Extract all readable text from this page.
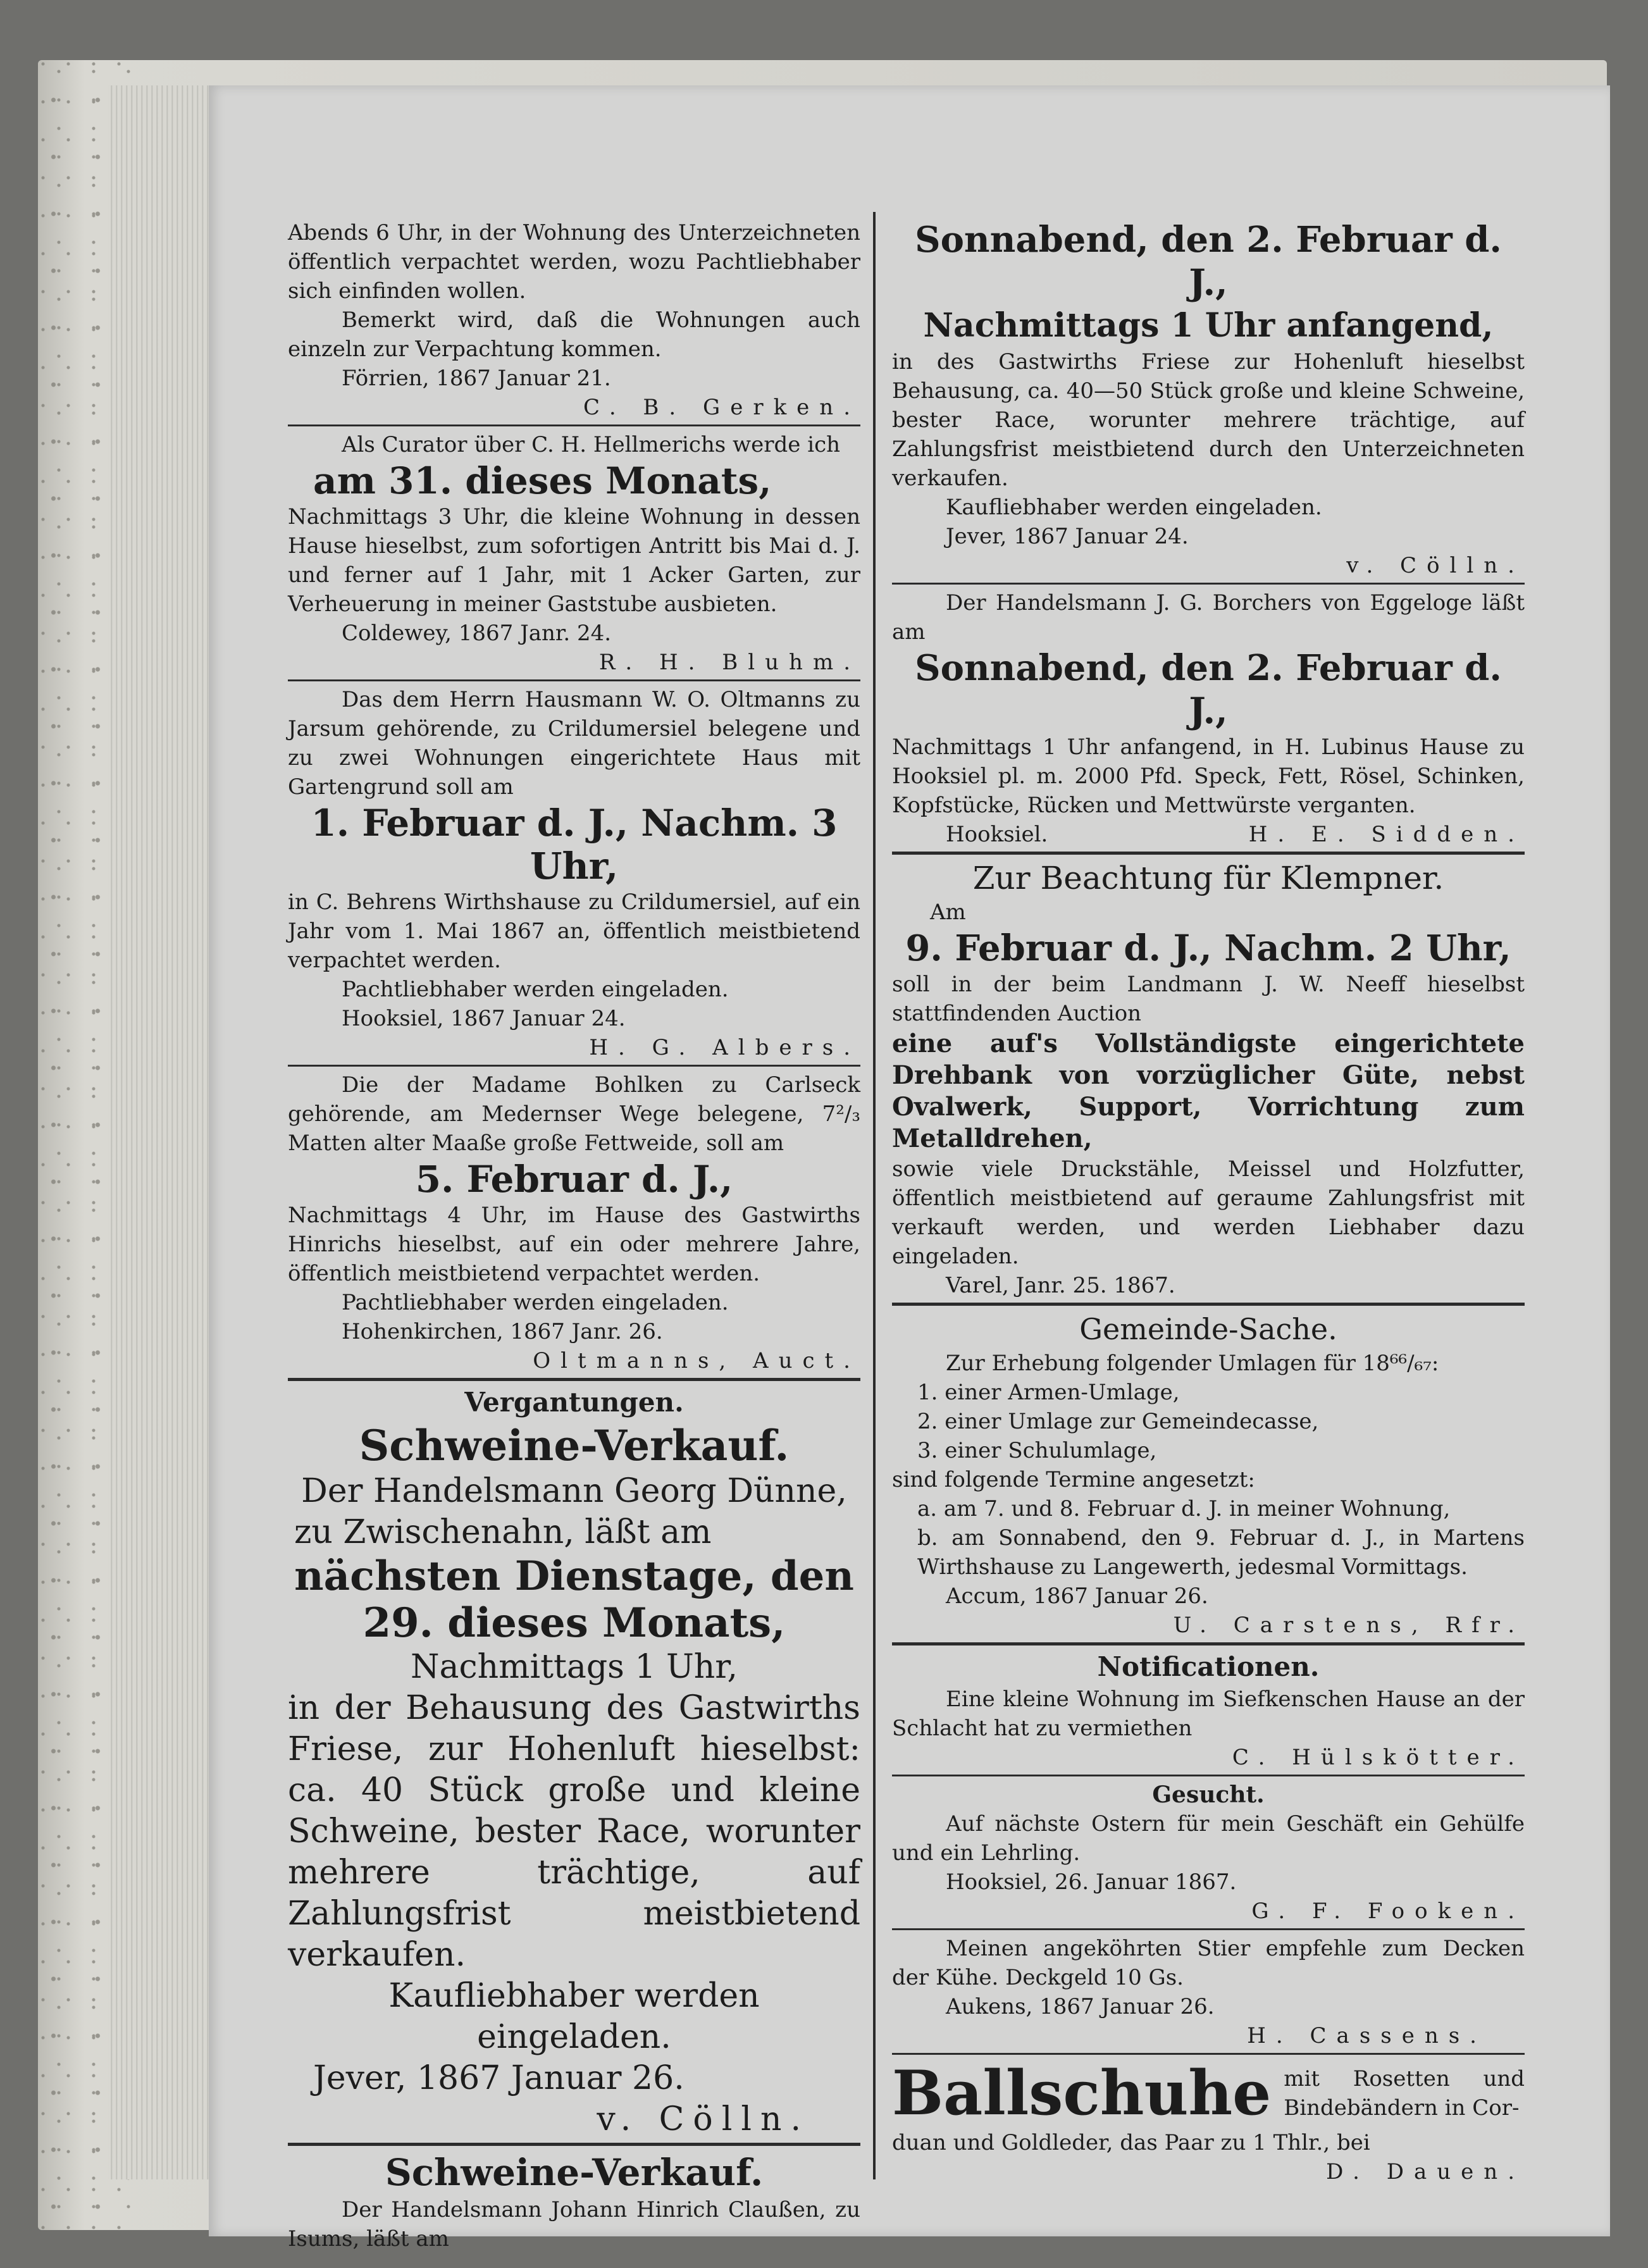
Abends 6 Uhr, in der Wohnung des Unterzeichneten öffentlich verpachtet werden, wozu Pachtliebhaber sich einfinden wollen.
Bemerkt wird, daß die Wohnungen auch einzeln zur Verpachtung kommen.
Förrien, 1867 Januar 21.
C. B. Gerken.
Als Curator über C. H. Hellmerichs werde ich
am 31. dieses Monats,
Nachmittags 3 Uhr, die kleine Wohnung in dessen Hause hieselbst, zum sofortigen Antritt bis Mai d. J. und ferner auf 1 Jahr, mit 1 Acker Garten, zur Verheuerung in meiner Gaststube ausbieten.
Coldewey, 1867 Janr. 24.
R. H. Bluhm.
Das dem Herrn Hausmann W. O. Oltmanns zu Jarsum gehörende, zu Crildumersiel belegene und zu zwei Wohnungen eingerichtete Haus mit Gartengrund soll am
1. Februar d. J., Nachm. 3 Uhr,
in C. Behrens Wirthshause zu Crildumersiel, auf ein Jahr vom 1. Mai 1867 an, öffentlich meistbietend verpachtet werden.
Pachtliebhaber werden eingeladen.
Hooksiel, 1867 Januar 24.
H. G. Albers.
Die der Madame Bohlken zu Carlseck gehörende, am Medernser Wege belegene, 7²/₃ Matten alter Maaße große Fettweide, soll am
5. Februar d. J.,
Nachmittags 4 Uhr, im Hause des Gastwirths Hinrichs hieselbst, auf ein oder mehrere Jahre, öffentlich meistbietend verpachtet werden.
Pachtliebhaber werden eingeladen.
Hohenkirchen, 1867 Janr. 26.
Oltmanns, Auct.
Vergantungen.
Schweine-Verkauf.
Der Handelsmann Georg Dünne,
zu Zwischenahn, läßt am
nächsten Dienstage, den
29. dieses Monats,
Nachmittags 1 Uhr,
in der Behausung des Gastwirths Friese, zur Hohenluft hieselbst: ca. 40 Stück große und kleine Schweine, bester Race, worunter mehrere trächtige, auf Zahlungsfrist meistbietend verkaufen.
Kaufliebhaber werden eingeladen.
Jever, 1867 Januar 26.
v. Cölln.
Schweine-Verkauf.
Der Handelsmann Johann Hinrich Claußen, zu Isums, läßt am
Sonnabend, den 2. Februar d. J.,
Nachmittags 1 Uhr anfangend,
in des Gastwirths Friese zur Hohenluft hieselbst Behausung, ca. 40—50 Stück große und kleine Schweine, bester Race, worunter mehrere trächtige, auf Zahlungsfrist meistbietend durch den Unterzeichneten verkaufen.
Kaufliebhaber werden eingeladen.
Jever, 1867 Januar 24.
v. Cölln.
Der Handelsmann J. G. Borchers von Eggeloge läßt am
Sonnabend, den 2. Februar d. J.,
Nachmittags 1 Uhr anfangend, in H. Lubinus Hause zu Hooksiel pl. m. 2000 Pfd. Speck, Fett, Rösel, Schinken, Kopfstücke, Rücken und Mettwürste verganten.
Hooksiel.	H. E. Sidden.
Zur Beachtung für Klempner.
Am
9. Februar d. J., Nachm. 2 Uhr,
soll in der beim Landmann J. W. Neeff hieselbst stattfindenden Auction
eine auf's Vollständigste eingerichtete Drehbank von vorzüglicher Güte, nebst Ovalwerk, Support, Vorrichtung zum Metalldrehen,
sowie viele Druckstähle, Meissel und Holzfutter, öffentlich meistbietend auf geraume Zahlungsfrist mit verkauft werden, und werden Liebhaber dazu eingeladen.
Varel, Janr. 25. 1867.
Gemeinde-Sache.
Zur Erhebung folgender Umlagen für 18⁶⁶/₆₇:
1. einer Armen-Umlage,
2. einer Umlage zur Gemeindecasse,
3. einer Schulumlage,
sind folgende Termine angesetzt:
a. am 7. und 8. Februar d. J. in meiner Wohnung,
b. am Sonnabend, den 9. Februar d. J., in Martens Wirthshause zu Langewerth, jedesmal Vormittags.
Accum, 1867 Januar 26.
U. Carstens, Rfr.
Notificationen.
Eine kleine Wohnung im Siefkenschen Hause an der Schlacht hat zu vermiethen
C. Hülskötter.
Gesucht.
Auf nächste Ostern für mein Geschäft ein Gehülfe und ein Lehrling.
Hooksiel, 26. Januar 1867.
G. F. Fooken.
Meinen angeköhrten Stier empfehle zum Decken der Kühe. Deckgeld 10 Gs.
Aukens, 1867 Januar 26.
H. Cassens.
Ballschuhe mit Rosetten und Bindebändern in Cor-
duan und Goldleder, das Paar zu 1 Thlr., bei
D. Dauen.
